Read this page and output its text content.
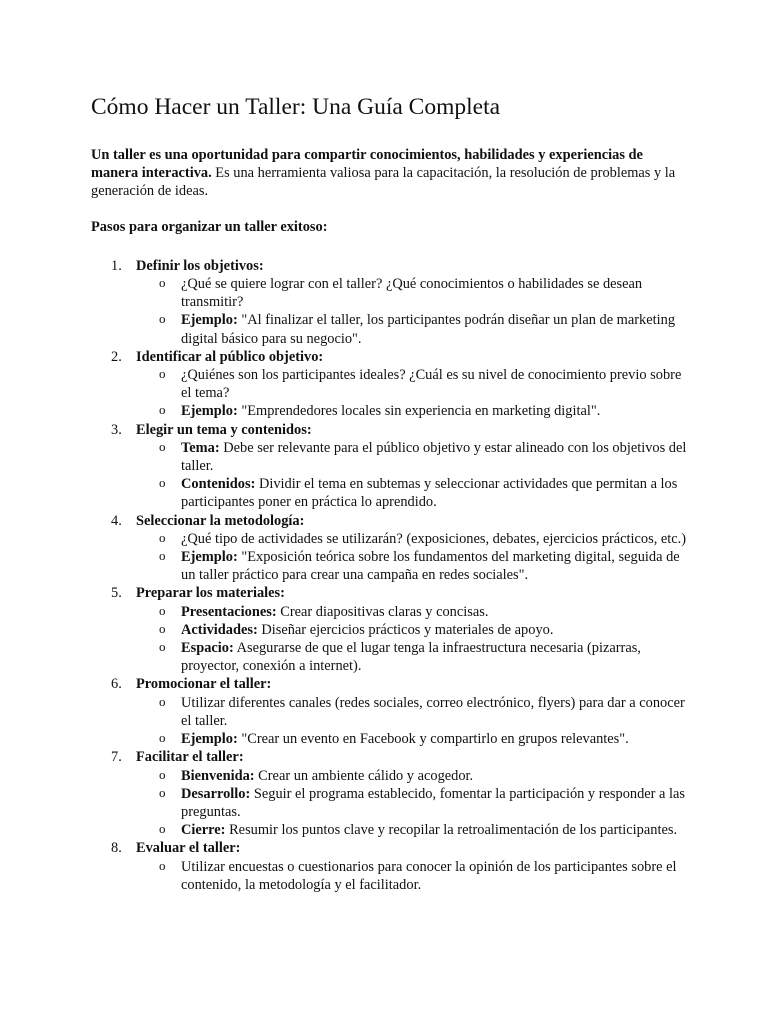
Cómo Hacer un Taller: Una Guía Completa

Un taller es una oportunidad para compartir conocimientos, habilidades y experiencias de manera interactiva. Es una herramienta valiosa para la capacitación, la resolución de problemas y la generación de ideas.

Pasos para organizar un taller exitoso:

1. Definir los objetivos:
o ¿Qué se quiere lograr con el taller? ¿Qué conocimientos o habilidades se desean transmitir?
o Ejemplo: "Al finalizar el taller, los participantes podrán diseñar un plan de marketing digital básico para su negocio".
2. Identificar al público objetivo:
o ¿Quiénes son los participantes ideales? ¿Cuál es su nivel de conocimiento previo sobre el tema?
o Ejemplo: "Emprendedores locales sin experiencia en marketing digital".
3. Elegir un tema y contenidos:
o Tema: Debe ser relevante para el público objetivo y estar alineado con los objetivos del taller.
o Contenidos: Dividir el tema en subtemas y seleccionar actividades que permitan a los participantes poner en práctica lo aprendido.
4. Seleccionar la metodología:
o ¿Qué tipo de actividades se utilizarán? (exposiciones, debates, ejercicios prácticos, etc.)
o Ejemplo: "Exposición teórica sobre los fundamentos del marketing digital, seguida de un taller práctico para crear una campaña en redes sociales".
5. Preparar los materiales:
o Presentaciones: Crear diapositivas claras y concisas.
o Actividades: Diseñar ejercicios prácticos y materiales de apoyo.
o Espacio: Asegurarse de que el lugar tenga la infraestructura necesaria (pizarras, proyector, conexión a internet).
6. Promocionar el taller:
o Utilizar diferentes canales (redes sociales, correo electrónico, flyers) para dar a conocer el taller.
o Ejemplo: "Crear un evento en Facebook y compartirlo en grupos relevantes".
7. Facilitar el taller:
o Bienvenida: Crear un ambiente cálido y acogedor.
o Desarrollo: Seguir el programa establecido, fomentar la participación y responder a las preguntas.
o Cierre: Resumir los puntos clave y recopilar la retroalimentación de los participantes.
8. Evaluar el taller:
o Utilizar encuestas o cuestionarios para conocer la opinión de los participantes sobre el contenido, la metodología y el facilitador.
